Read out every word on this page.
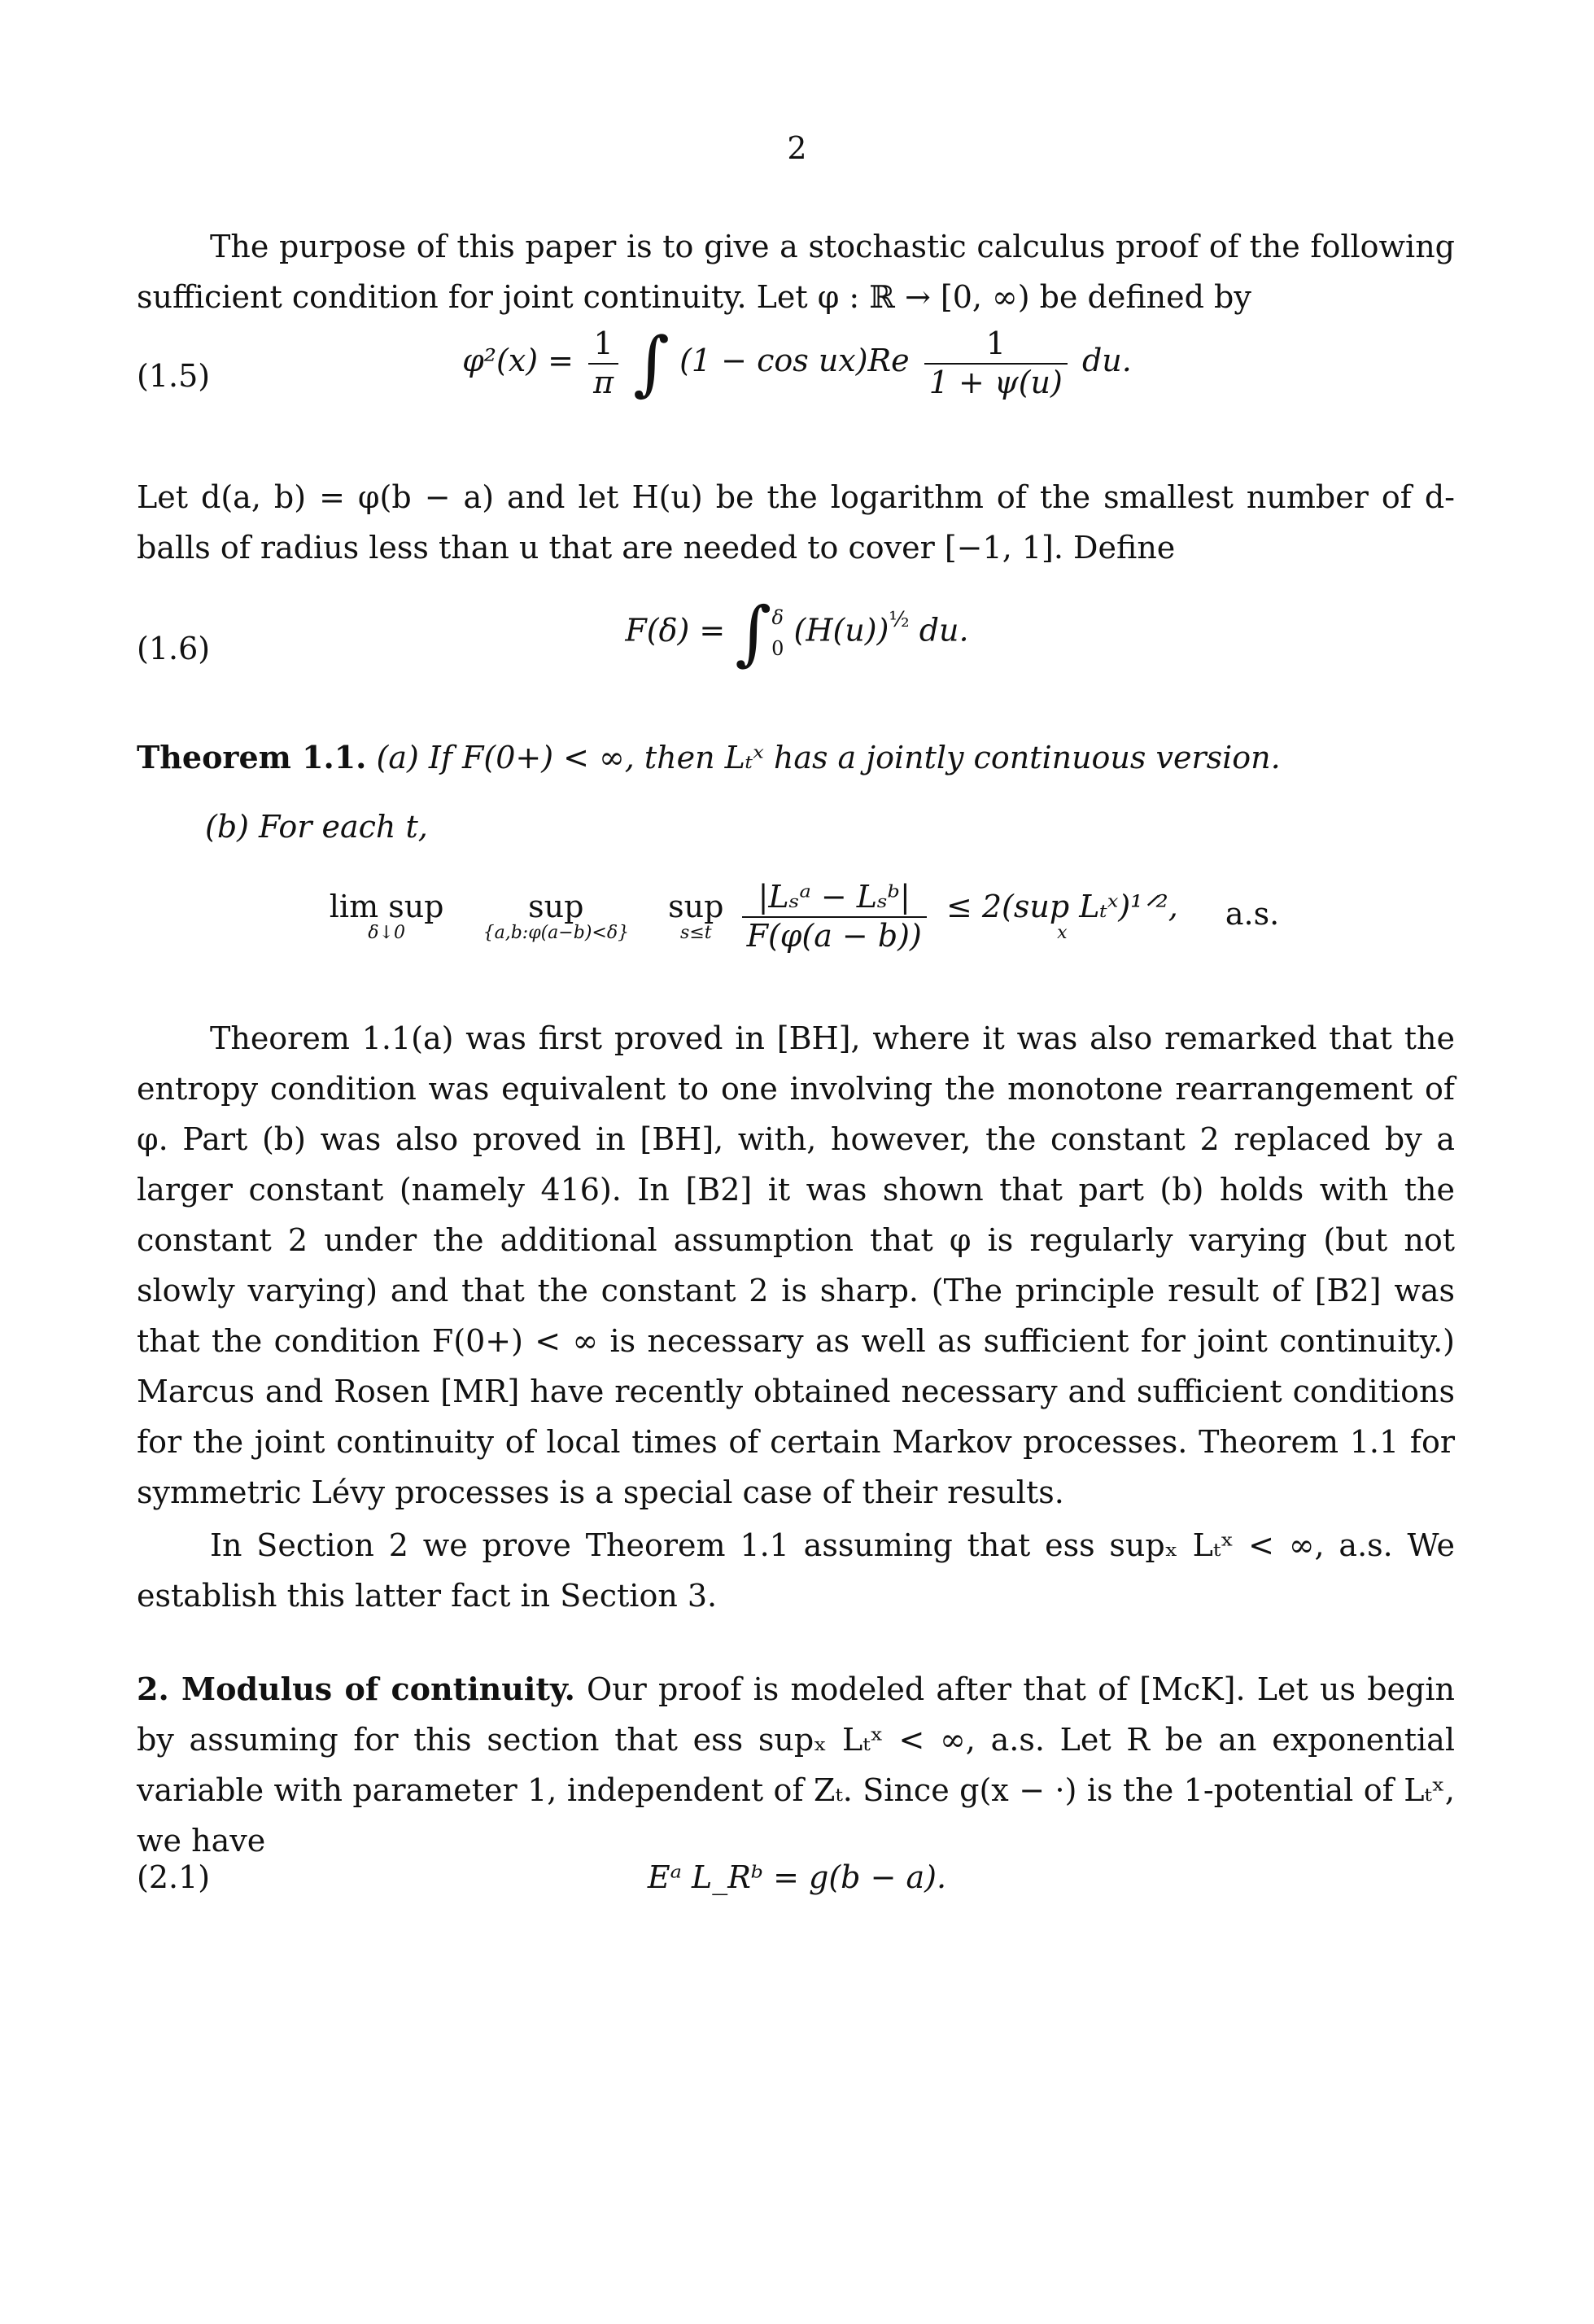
2
The purpose of this paper is to give a stochastic calculus proof of the following sufficient condition for joint continuity. Let φ : ℝ → [0, ∞) be defined by
(1.5)	$\varphi^2(x) = \frac{1}{\pi}$ ∫ $(1 - \cos ux)Re \frac{1}{1 + \psi(u)}$ du.
Let d(a, b) = φ(b − a) and let H(u) be the logarithm of the smallest number of d-balls of radius less than u that are needed to cover [−1, 1]. Define
(1.6)
F(δ) = ∫ δ
0
$(H(u))^{\frac{1}{2}}$ du.
Theorem 1.1. (a) If F(0+) < ∞, then Lₜˣ has a jointly continuous version.
(b) For each t,
lim sup
δ↓0

sup
{a,b:φ(a−b)<δ}

sup
s≤t
$\frac{\text{|Lₛᵃ − Lₛᵇ|}}{F(\varphi(a - b))}$
≤ 2(sup Lₜˣ)¹ᐟ²,
x
a.s.
Theorem 1.1(a) was first proved in [BH], where it was also remarked that the entropy condition was equivalent to one involving the monotone rearrangement of φ. Part (b) was also proved in [BH], with, however, the constant 2 replaced by a larger constant (namely 416). In [B2] it was shown that part (b) holds with the constant 2 under the additional assumption that φ is regularly varying (but not slowly varying) and that the constant 2 is sharp. (The principle result of [B2] was that the condition F(0+) < ∞ is necessary as well as sufficient for joint continuity.) Marcus and Rosen [MR] have recently obtained necessary and sufficient conditions for the joint continuity of local times of certain Markov processes. Theorem 1.1 for symmetric Lévy processes is a special case of their results.
In Section 2 we prove Theorem 1.1 assuming that ess supₓ Lₜˣ < ∞, a.s. We establish this latter fact in Section 3.
2. Modulus of continuity. Our proof is modeled after that of [McK]. Let us begin by assuming for this section that ess supₓ Lₜˣ < ∞, a.s. Let R be an exponential variable with parameter 1, independent of Zₜ. Since g(x − ·) is the 1-potential of Lₜˣ, we have
(2.1)	Eᵃ L_Rᵇ = g(b − a).
